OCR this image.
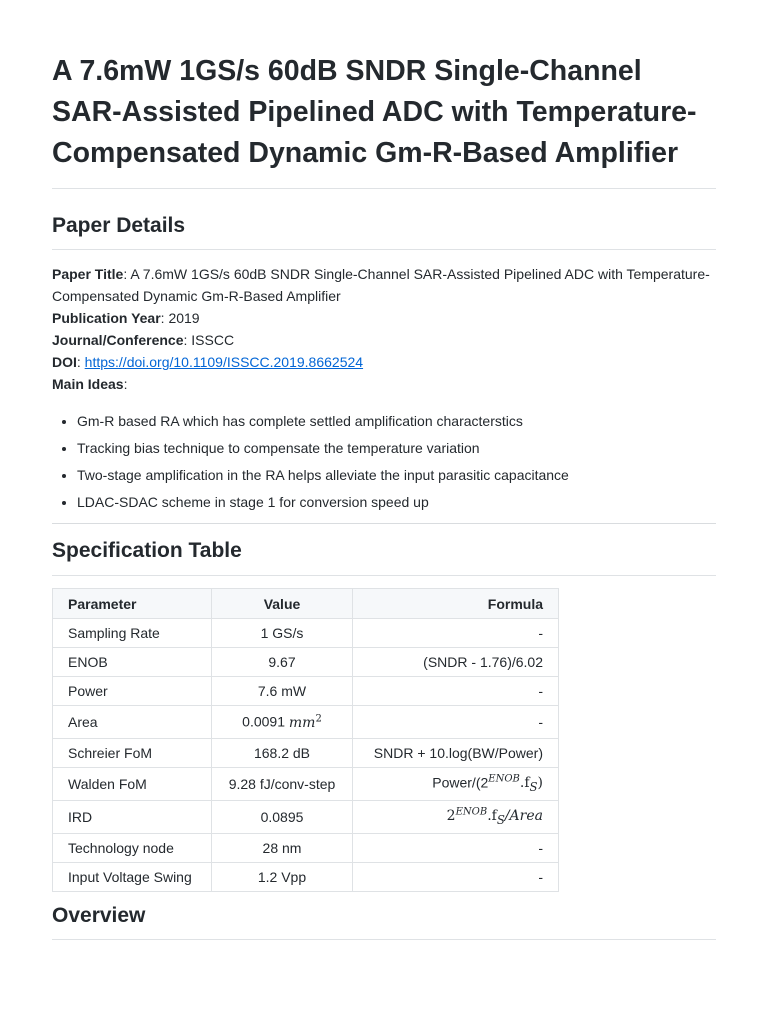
A 7.6mW 1GS/s 60dB SNDR Single-Channel SAR-Assisted Pipelined ADC with Temperature-Compensated Dynamic Gm-R-Based Amplifier
Paper Details
Paper Title: A 7.6mW 1GS/s 60dB SNDR Single-Channel SAR-Assisted Pipelined ADC with Temperature-Compensated Dynamic Gm-R-Based Amplifier
Publication Year: 2019
Journal/Conference: ISSCC
DOI: https://doi.org/10.1109/ISSCC.2019.8662524
Main Ideas:
• Gm-R based RA which has complete settled amplification characterstics
• Tracking bias technique to compensate the temperature variation
• Two-stage amplification in the RA helps alleviate the input parasitic capacitance
• LDAC-SDAC scheme in stage 1 for conversion speed up
Specification Table
Parameter	Value	Formula
Sampling Rate	1 GS/s	-
ENOB	9.67	(SNDR - 1.76)/6.02
Power	7.6 mW	-
Area	0.0091 $mm^2$	-
Schreier FoM	168.2 dB	SNDR + 10.log(BW/Power)
Walden FoM	9.28 fJ/conv-step	Power/$(2^{ENOB}.f_S)$
IRD	0.0895	$2^{ENOB}.f_S$/Area
Technology node	28 nm	-
Input Voltage Swing	1.2 Vpp	-
Overview
